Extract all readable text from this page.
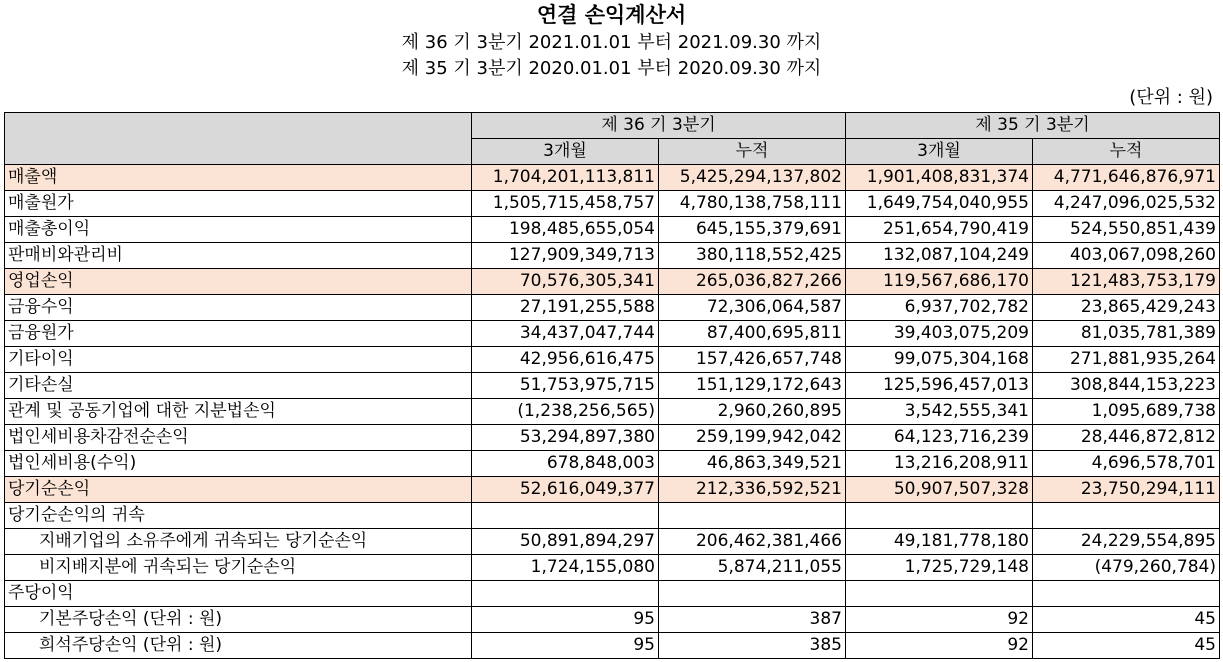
연결 손익계산서
제 36 기 3분기 2021.01.01 부터 2021.09.30 까지
제 35 기 3분기 2020.01.01 부터 2020.09.30 까지
(단위 : 원)
	제 36 기 3분기		제 35 기 3분기	
	3개월	누적	3개월	누적
매출액	1,704,201,113,811	5,425,294,137,802	1,901,408,831,374	4,771,646,876,971
매출원가	1,505,715,458,757	4,780,138,758,111	1,649,754,040,955	4,247,096,025,532
매출총이익	198,485,655,054	645,155,379,691	251,654,790,419	524,550,851,439
판매비와관리비	127,909,349,713	380,118,552,425	132,087,104,249	403,067,098,260
영업손익	70,576,305,341	265,036,827,266	119,567,686,170	121,483,753,179
금융수익	27,191,255,588	72,306,064,587	6,937,702,782	23,865,429,243
금융원가	34,437,047,744	87,400,695,811	39,403,075,209	81,035,781,389
기타이익	42,956,616,475	157,426,657,748	99,075,304,168	271,881,935,264
기타손실	51,753,975,715	151,129,172,643	125,596,457,013	308,844,153,223
관계 및 공동기업에 대한 지분법손익	(1,238,256,565)	2,960,260,895	3,542,555,341	1,095,689,738
법인세비용차감전순손익	53,294,897,380	259,199,942,042	64,123,716,239	28,446,872,812
법인세비용(수익)	678,848,003	46,863,349,521	13,216,208,911	4,696,578,701
당기순손익	52,616,049,377	212,336,592,521	50,907,507,328	23,750,294,111
당기순손익의 귀속				
지배기업의 소유주에게 귀속되는 당기순손익	50,891,894,297	206,462,381,466	49,181,778,180	24,229,554,895
비지배지분에 귀속되는 당기순손익	1,724,155,080	5,874,211,055	1,725,729,148	(479,260,784)
주당이익				
기본주당손익 (단위 : 원)	95	387	92	45
희석주당손익 (단위 : 원)	95	385	92	45
